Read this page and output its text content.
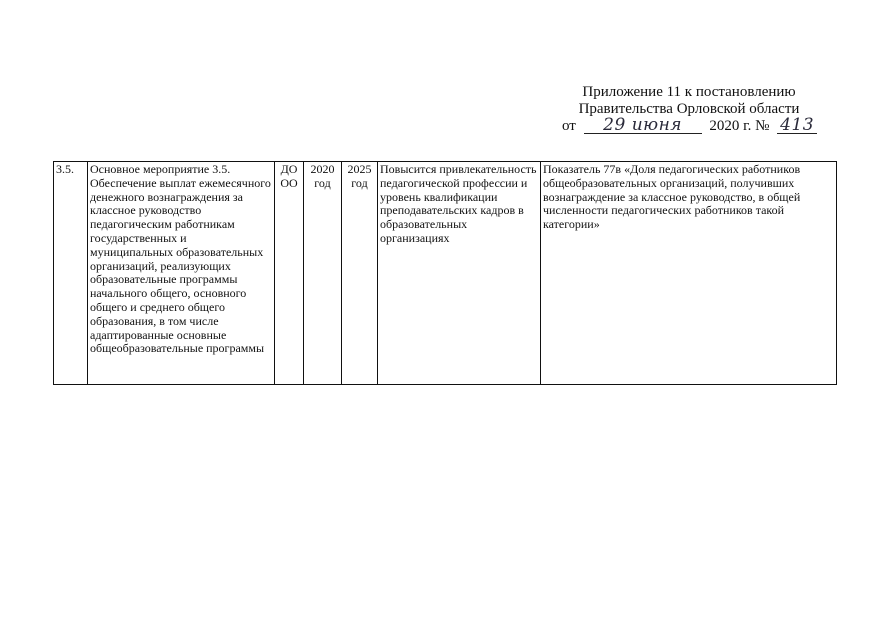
Приложение 11 к постановлению
Правительства Орловской области
от 29 июня 2020 г. № 413
3.5.	Основное мероприятие 3.5. Обеспечение выплат ежемесячного денежного вознаграждения за классное руководство педагогическим работникам государственных и муниципальных образовательных организаций, реализующих образовательные программы начального общего, основного общего и среднего общего образования, в том числе адаптированные основные общеобразовательные программы	ДО ОО	2020 год	2025 год	Повысится привлекательность педагогической профессии и уровень квалификации преподавательских кадров в образовательных организациях	Показатель 77в «Доля педагогических работников общеобразовательных организаций, получивших вознаграждение за классное руководство, в общей численности педагогических работников такой категории»
